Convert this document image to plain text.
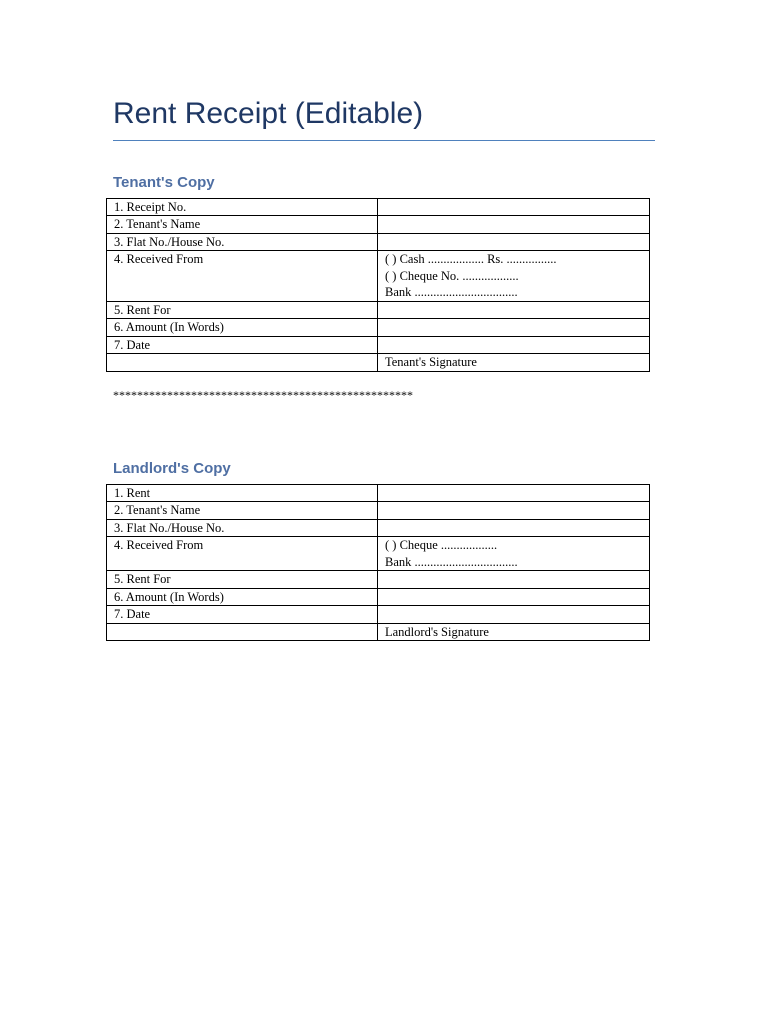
Rent Receipt (Editable)
Tenant's Copy
1. Receipt No.	
2. Tenant's Name	
3. Flat No./House No.	
4. Received From	( ) Cash .................. Rs. ................
( ) Cheque No. ..................
Bank .................................

5. Rent For	
6. Amount (In Words)	
7. Date	
	Tenant's Signature
**************************************************
Landlord's Copy
1. Rent	
2. Tenant's Name	
3. Flat No./House No.	
4. Received From	( ) Cheque ..................
Bank .................................

5. Rent For	
6. Amount (In Words)	
7. Date	
	Landlord's Signature
